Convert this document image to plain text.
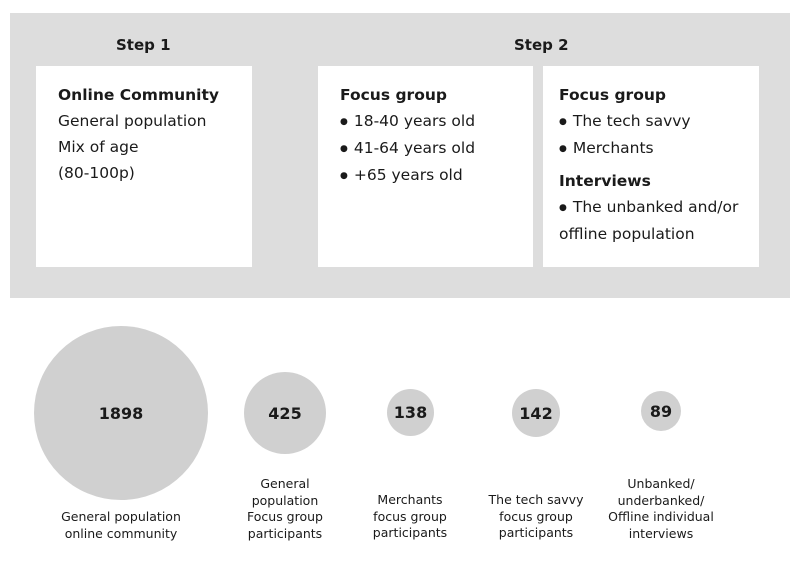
Step 1	Step 2
Online Community
General population
Mix of age
(80-100p)
Focus group
● 18-40 years old
● 41-64 years old
● +65 years old
Focus group
● The tech savvy
● Merchants
Interviews
● The unbanked and/or
offline population
1898	425	138	142	89
General population
online community
General
population
Focus group
participants
Merchants
focus group
participants
The tech savvy
focus group
participants
Unbanked/
underbanked/
Offline individual
interviews
